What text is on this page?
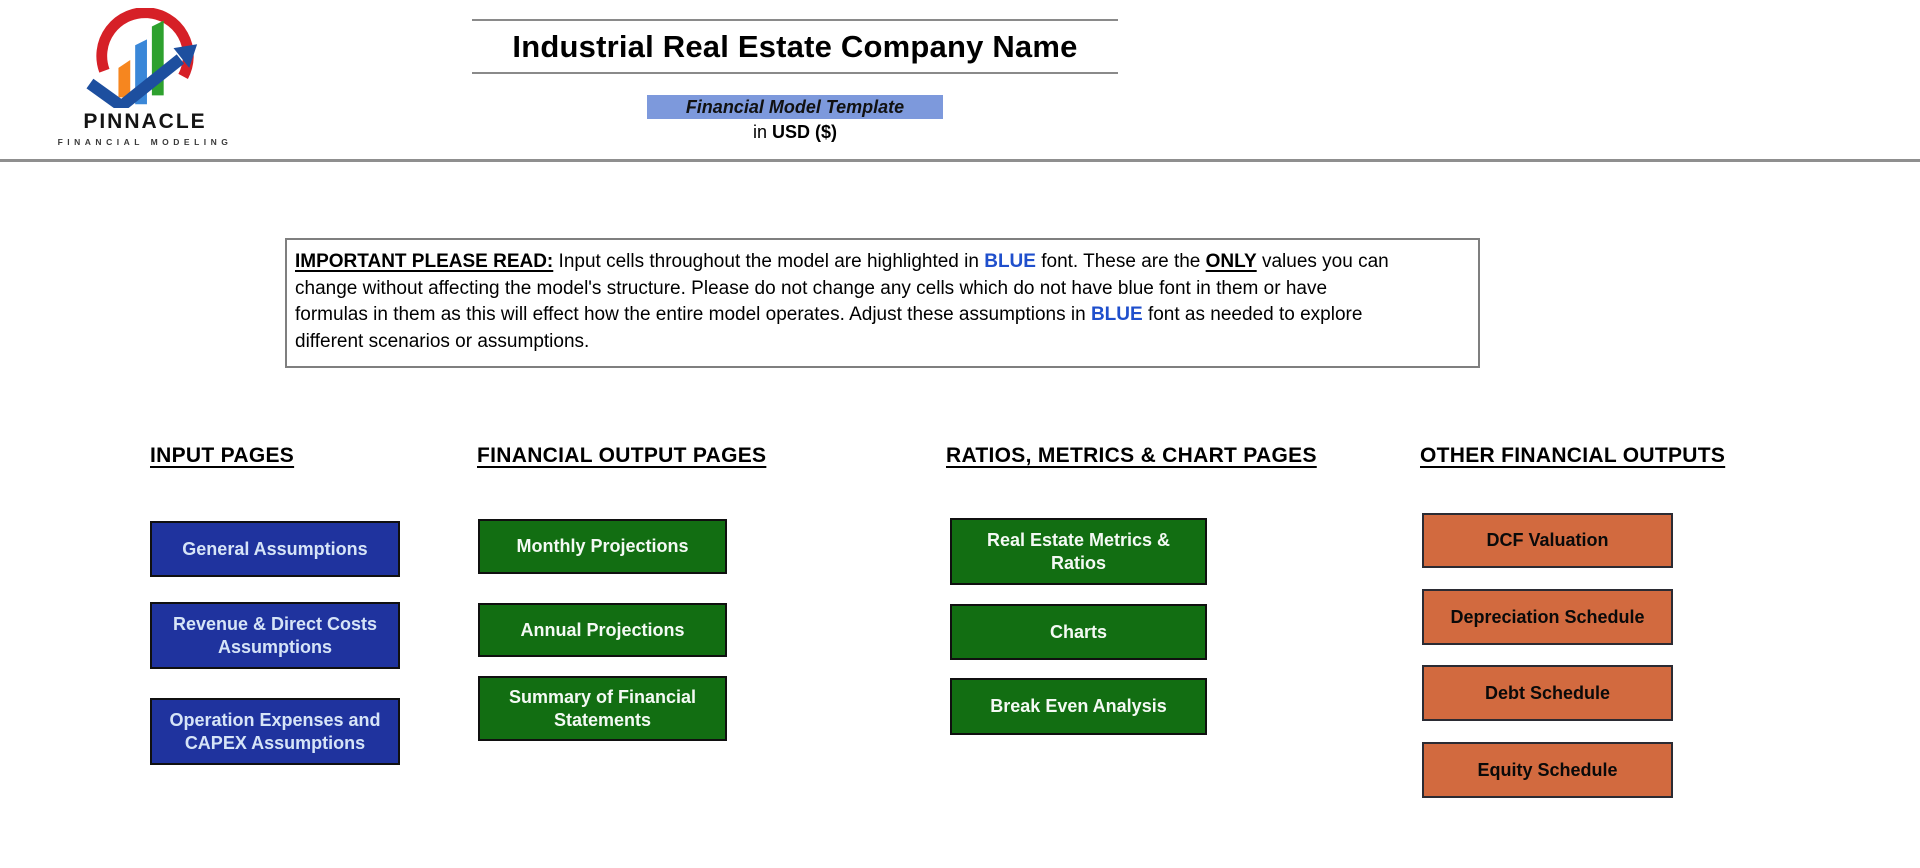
PINNACLE
FINANCIAL MODELING
Industrial Real Estate Company Name
Financial Model Template
in USD ($)
IMPORTANT PLEASE READ: Input cells throughout the model are highlighted in BLUE font. These are the ONLY values you can change without affecting the model's structure. Please do not change any cells which do not have blue font in them or have formulas in them as this will effect how the entire model operates. Adjust these assumptions in BLUE font as needed to explore different scenarios or assumptions.
INPUT PAGES	FINANCIAL OUTPUT PAGES	RATIOS, METRICS & CHART PAGES	OTHER FINANCIAL OUTPUTS
General Assumptions
Revenue & Direct Costs Assumptions
Operation Expenses and CAPEX Assumptions
Monthly Projections
Annual Projections
Summary of Financial Statements
Real Estate Metrics & Ratios
Charts
Break Even Analysis
DCF Valuation
Depreciation Schedule
Debt Schedule
Equity Schedule
